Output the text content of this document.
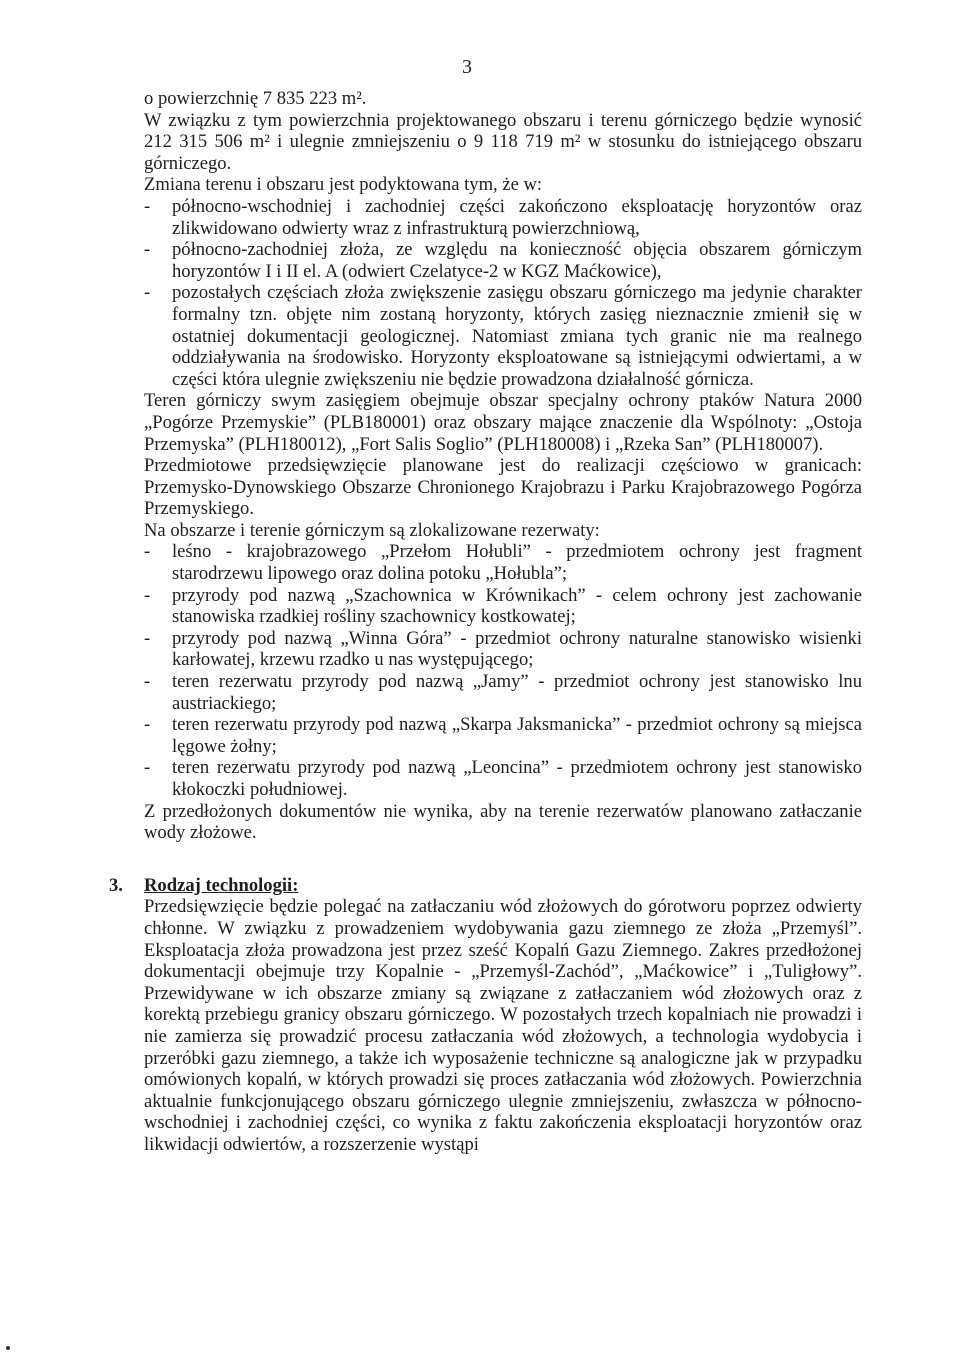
3

o powierzchnię 7 835 223 m².

W związku z tym powierzchnia projektowanego obszaru i terenu górniczego będzie wynosić 212 315 506 m² i ulegnie zmniejszeniu o 9 118 719 m² w stosunku do istniejącego obszaru górniczego.

Zmiana terenu i obszaru jest podyktowana tym, że w:

- północno-wschodniej i zachodniej części zakończono eksploatację horyzontów oraz zlikwidowano odwierty wraz z infrastrukturą powierzchniową,
- północno-zachodniej złoża, ze względu na konieczność objęcia obszarem górniczym horyzontów I i II el. A (odwiert Czelatyce-2 w KGZ Maćkowice),
- pozostałych częściach złoża zwiększenie zasięgu obszaru górniczego ma jedynie charakter formalny tzn. objęte nim zostaną horyzonty, których zasięg nieznacznie zmienił się w ostatniej dokumentacji geologicznej. Natomiast zmiana tych granic nie ma realnego oddziaływania na środowisko. Horyzonty eksploatowane są istniejącymi odwiertami, a w części która ulegnie zwiększeniu nie będzie prowadzona działalność górnicza.

Teren górniczy swym zasięgiem obejmuje obszar specjalny ochrony ptaków Natura 2000 „Pogórze Przemyskie” (PLB180001) oraz obszary mające znaczenie dla Wspólnoty: „Ostoja Przemyska” (PLH180012), „Fort Salis Soglio” (PLH180008) i „Rzeka San” (PLH180007).

Przedmiotowe przedsięwzięcie planowane jest do realizacji częściowo w granicach: Przemysko-Dynowskiego Obszarze Chronionego Krajobrazu i Parku Krajobrazowego Pogórza Przemyskiego.

Na obszarze i terenie górniczym są zlokalizowane rezerwaty:

- leśno - krajobrazowego „Przełom Hołubli” - przedmiotem ochrony jest fragment starodrzewu lipowego oraz dolina potoku „Hołubla”;
- przyrody pod nazwą „Szachownica w Krównikach” - celem ochrony jest zachowanie stanowiska rzadkiej rośliny szachownicy kostkowatej;
- przyrody pod nazwą „Winna Góra” - przedmiot ochrony naturalne stanowisko wisienki karłowatej, krzewu rzadko u nas występującego;
- teren rezerwatu przyrody pod nazwą „Jamy” - przedmiot ochrony jest stanowisko lnu austriackiego;
- teren rezerwatu przyrody pod nazwą „Skarpa Jaksmanicka” - przedmiot ochrony są miejsca lęgowe żołny;
- teren rezerwatu przyrody pod nazwą „Leoncina” - przedmiotem ochrony jest stanowisko kłokoczki południowej.

Z przedłożonych dokumentów nie wynika, aby na terenie rezerwatów planowano zatłaczanie wody złożowe.

3. Rodzaj technologii:

Przedsięwzięcie będzie polegać na zatłaczaniu wód złożowych do górotworu poprzez odwierty chłonne. W związku z prowadzeniem wydobywania gazu ziemnego ze złoża „Przemyśl”. Eksploatacja złoża prowadzona jest przez sześć Kopalń Gazu Ziemnego. Zakres przedłożonej dokumentacji obejmuje trzy Kopalnie - „Przemyśl-Zachód”, „Maćkowice” i „Tuligłowy”. Przewidywane w ich obszarze zmiany są związane z zatłaczaniem wód złożowych oraz z korektą przebiegu granicy obszaru górniczego. W pozostałych trzech kopalniach nie prowadzi i nie zamierza się prowadzić procesu zatłaczania wód złożowych, a technologia wydobycia i przeróbki gazu ziemnego, a także ich wyposażenie techniczne są analogiczne jak w przypadku omówionych kopalń, w których prowadzi się proces zatłaczania wód złożowych. Powierzchnia aktualnie funkcjonującego obszaru górniczego ulegnie zmniejszeniu, zwłaszcza w północno-wschodniej i zachodniej części, co wynika z faktu zakończenia eksploatacji horyzontów oraz likwidacji odwiertów, a rozszerzenie wystąpi
